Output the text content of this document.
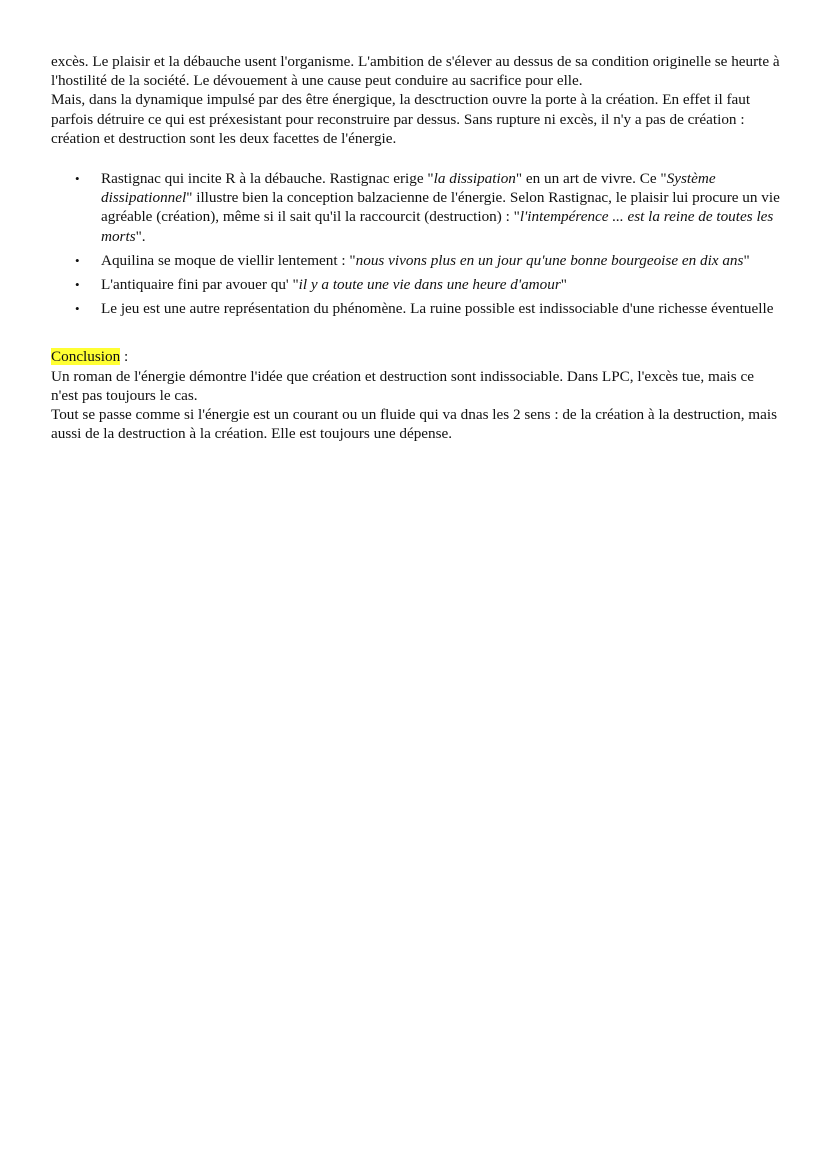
excès. Le plaisir et la débauche usent l'organisme. L'ambition de s'élever au dessus de sa condition originelle se heurte à l'hostilité de la société. Le dévouement à une cause peut conduire au sacrifice pour elle.

Mais, dans la dynamique impulsé par des être énergique, la desctruction ouvre la porte à la création. En effet il faut parfois détruire ce qui est préxesistant pour reconstruire par dessus. Sans rupture ni excès, il n'y a pas de création : création et destruction sont les deux facettes de l'énergie.

• Rastignac qui incite R à la débauche. Rastignac erige "la dissipation" en un art de vivre. Ce "Système dissipationnel" illustre bien la conception balzacienne de l'énergie. Selon Rastignac, le plaisir lui procure un vie agréable (création), même si il sait qu'il la raccourcit (destruction) : "l'intempérence ... est la reine de toutes les morts".
• Aquilina se moque de viellir lentement : "nous vivons plus en un jour qu'une bonne bourgeoise en dix ans"
• L'antiquaire fini par avouer qu' "il y a toute une vie dans une heure d'amour"
• Le jeu est une autre représentation du phénomène. La ruine possible est indissociable d'une richesse éventuelle

Conclusion :

Un roman de l'énergie démontre l'idée que création et destruction sont indissociable. Dans LPC, l'excès tue, mais ce n'est pas toujours le cas.

Tout se passe comme si l'énergie est un courant ou un fluide qui va dnas les 2 sens : de la création à la destruction, mais aussi de la destruction à la création. Elle est toujours une dépense.
